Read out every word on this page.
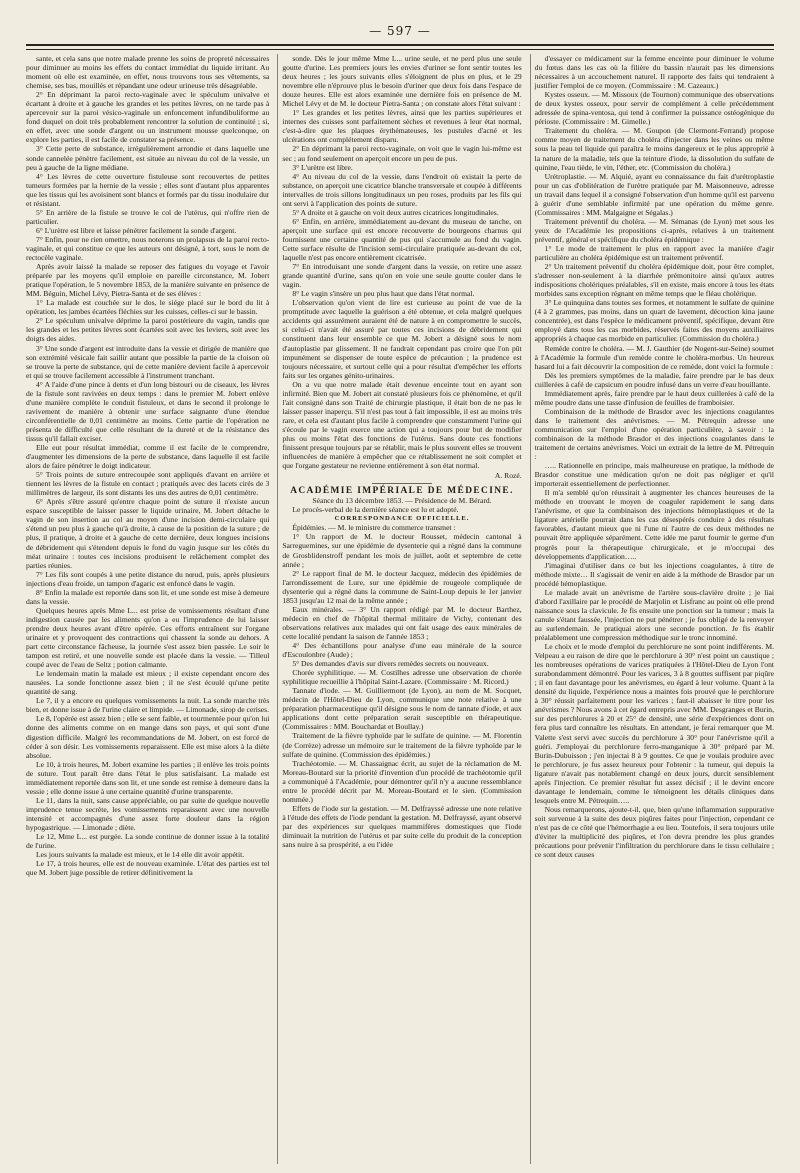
— 597 —

sante, et cela sans que notre malade prenne les soins de propreté nécessaires pour diminuer au moins les effets du contact immédiat du liquide irritant. Au moment où elle est examinée, en effet, nous trouvons tous ses vêtements, sa chemise, ses bas, mouillés et répandant une odeur urineuse très désagréable.

2° En déprimant la paroi recto-vaginale avec le spéculum univalve et écartant à droite et à gauche les grandes et les petites lèvres, on ne tarde pas à apercevoir sur la paroi vésico-vaginale un enfoncement infundibuliforme au fond duquel on doit très probablement rencontrer la solution de continuité ; si, en effet, avec une sonde d'argent ou un instrument mousse quelconque, on explore les parties, il est facile de constater sa présence.

3° Cette perte de substance, irrégulièrement arrondie et dans laquelle une sonde cannelée pénètre facilement, est située au niveau du col de la vessie, un peu à gauche de la ligne médiane.

4° Les lèvres de cette ouverture fistuleuse sont recouvertes de petites tumeurs formées par la hernie de la vessie ; elles sont d'autant plus apparentes que les tissus qui les avoisinent sont blancs et formés par du tissu inodulaire dur et résistant.

5° En arrière de la fistule se trouve le col de l'utérus, qui n'offre rien de particulier.

6° L'urètre est libre et laisse pénétrer facilement la sonde d'argent.

7° Enfin, pour ne rien omettre, nous noterons un prolapsus de la paroi recto-vaginale, et qui constitue ce que les auteurs ont désigné, à tort, sous le nom de rectocèle vaginale.

Après avoir laissé la malade se reposer des fatigues du voyage et l'avoir préparée par les moyens qu'il emploie en pareille circonstance, M. Jobert pratique l'opération, le 5 novembre 1853, de la manière suivante en présence de MM. Béguin, Michel Lévy, Pietra-Santa et de ses élèves :

1° La malade est couchée sur le dos, le siége placé sur le bord du lit à opération, les jambes écartées fléchies sur les cuisses, celles-ci sur le bassin.

2° Le spéculum univalve déprime la paroi postérieure du vagin, tandis que les grandes et les petites lèvres sont écartées soit avec les leviers, soit avec les doigts des aides.

3° Une sonde d'argent est introduite dans la vessie et dirigée de manière que son extrémité vésicale fait saillir autant que possible la partie de la cloison où se trouve la perte de substance, qui de cette manière devient facile à apercevoir et qui se trouve facilement accessible à l'instrument tranchant.

4° A l'aide d'une pince à dents et d'un long bistouri ou de ciseaux, les lèvres de la fistule sont ravivées en deux temps : dans le premier M. Jobert enlève d'une manière complète le conduit fistuleux, et dans le second il prolonge le ravivement de manière à obtenir une surface saignante d'une étendue circonférentielle de 0,01 centimètre au moins. Cette partie de l'opération ne présenta de difficulté que celle résultant de la dureté et de la résistance des tissus qu'il fallait exciser.

Elle eut pour résultat immédiat, comme il est facile de le comprendre, d'augmenter les dimensions de la perte de substance, dans laquelle il est facile alors de faire pénétrer le doigt indicateur.

5° Trois points de suture entrecoupée sont appliqués d'avant en arrière et tiennent les lèvres de la fistule en contact ; pratiqués avec des lacets cirés de 3 millimètres de largeur, ils sont distants les uns des autres de 0,01 centimètre.

6° Après s'être assuré qu'entre chaque point de suture il n'existe aucun espace susceptible de laisser passer le liquide urinaire, M. Jobert détache le vagin de son insertion au col au moyen d'une incision demi-circulaire qui s'étend un peu plus à gauche qu'à droite, à cause de la position de la suture ; de plus, il pratique, à droite et à gauche de cette dernière, deux longues incisions de débridement qui s'étendent depuis le fond du vagin jusque sur les côtés du méat urinaire : toutes ces incisions produisent le relâchement complet des parties réunies.

7° Les fils sont coupés à une petite distance du nœud, puis, après plusieurs injections d'eau froide, un tampon d'agaric est enfoncé dans le vagin.

8° Enfin la malade est reportée dans son lit, et une sonde est mise à demeure dans la vessie.

Quelques heures après Mme L... est prise de vomissements résultant d'une indigestion causée par les aliments qu'on a eu l'imprudence de lui laisser prendre deux heures avant d'être opérée. Ces efforts entraînent sur l'organe urinaire et y provoquent des contractions qui chassent la sonde au dehors. A part cette circonstance fâcheuse, la journée s'est assez bien passée. Le soir le tampon est retiré, et une nouvelle sonde est placée dans la vessie. — Tilleul coupé avec de l'eau de Seltz ; potion calmante.

Le lendemain matin la malade est mieux ; il existe cependant encore des nausées. La sonde fonctionne assez bien ; il ne s'est écoulé qu'une petite quantité de sang.

Le 7, il y a encore eu quelques vomissements la nuit. La sonde marche très bien, et donne issue à de l'urine claire et limpide. — Limonade, sirop de cerises.

Le 8, l'opérée est assez bien ; elle se sent faible, et tourmentée pour qu'on lui donne des aliments comme on en mange dans son pays, et qui sont d'une digestion difficile. Malgré les recommandations de M. Jobert, on est forcé de céder à son désir. Les vomissements reparaissent. Elle est mise alors à la diète absolue.

Le 10, à trois heures, M. Jobert examine les parties ; il enlève les trois points de suture. Tout paraît être dans l'état le plus satisfaisant. La malade est immédiatement reportée dans son lit, et une sonde est remise à demeure dans la vessie ; elle donne issue à une certaine quantité d'urine transparente.

Le 11, dans la nuit, sans cause appréciable, ou par suite de quelque nouvelle imprudence tenue secrète, les vomissements reparaissent avec une nouvelle intensité et accompagnés d'une assez forte douleur dans la région hypogastrique. — Limonade ; diète.

Le 12, Mme L... est purgée. La sonde continue de donner issue à la totalité de l'urine.

Les jours suivants la malade est mieux, et le 14 elle dit avoir appétit.

Le 17, à trois heures, elle est de nouveau examinée. L'état des parties est tel que M. Jobert juge possible de retirer définitivement la

sonde. Dès le jour même Mme L... urine seule, et ne perd plus une seule goutte d'urine. Les premiers jours les envies d'uriner se font sentir toutes les deux heures ; les jours suivants elles s'éloignent de plus en plus, et le 29 novembre elle n'éprouve plus le besoin d'uriner que deux fois dans l'espace de douze heures. Elle est alors examinée une dernière fois en présence de M. Michel Lévy et de M. le docteur Pietra-Santa ; on constate alors l'état suivant :

1° Les grandes et les petites lèvres, ainsi que les parties supérieures et internes des cuisses sont parfaitement sèches et revenues à leur état normal, c'est-à-dire que les plaques érythémateuses, les pustules d'acné et les ulcérations ont complétement disparu.

2° En déprimant la paroi recto-vaginale, on voit que le vagin lui-même est sec ; au fond seulement on aperçoit encore un peu de pus.

3° L'urètre est libre.

4° Au niveau du col de la vessie, dans l'endroit où existait la perte de substance, on aperçoit une cicatrice blanche transversale et coupée à différents intervalles de trois sillons longitudinaux un peu roses, produits par les fils qui ont servi à l'application des points de suture.

5° A droite et à gauche on voit deux autres cicatrices longitudinales.

6° Enfin, en arrière, immédiatement au-devant du museau de tanche, on aperçoit une surface qui est encore recouverte de bourgeons charnus qui fournissent une certaine quantité de pus qui s'accumule au fond du vagin. Cette surface résulte de l'incision semi-circulaire pratiquée au-devant du col, laquelle n'est pas encore entièrement cicatrisée.

7° En introduisant une sonde d'argent dans la vessie, on retire une assez grande quantité d'urine, sans qu'on en voie une seule goutte couler dans le vagin.

8° Le vagin s'insère un peu plus haut que dans l'état normal.

L'observation qu'on vient de lire est curieuse au point de vue de la promptitude avec laquelle la guérison a été obtenue, et cela malgré quelques accidents qui assurément auraient été de nature à en compromettre le succès, si celui-ci n'avait été assuré par toutes ces incisions de débridement qui constituent dans leur ensemble ce que M. Jobert a désigné sous le nom d'autoplastie par glissement. Il ne faudrait cependant pas croire que l'on pût impunément se dispenser de toute espèce de précaution ; la prudence est toujours nécessaire, et surtout celle qui a pour résultat d'empêcher les efforts faits sur les organes génito-urinaires.

On a vu que notre malade était devenue enceinte tout en ayant son infirmité. Bien que M. Jobert ait constaté plusieurs fois ce phénomène, et qu'il l'ait consigné dans son Traité de chirurgie plastique, il était bon de ne pas le laisser passer inaperçu. S'il n'est pas tout à fait impossible, il est au moins très rare, et cela est d'autant plus facile à comprendre que constamment l'urine qui s'écoule par le vagin exerce une action qui a toujours pour but de modifier plus ou moins l'état des fonctions de l'utérus. Sans doute ces fonctions finissent presque toujours par se rétablir, mais le plus souvent elles se trouvent influencées de manière à empêcher que ce rétablissement ne soit complet et que l'organe gestateur ne revienne entièrement à son état normal.

A. Rozé.

ACADÉMIE IMPÉRIALE DE MÉDECINE.

Séance du 13 décembre 1853. — Présidence de M. Bérard.

Le procès-verbal de la dernière séance est lu et adopté.

CORRESPONDANCE OFFICIELLE.

Épidémies. — M. le ministre du commerce transmet :

1° Un rapport de M. le docteur Rousset, médecin cantonal à Sarreguemines, sur une épidémie de dysenterie qui a régné dans la commune de Grosblidenstroff pendant les mois de juillet, août et septembre de cette année ;

2° Le rapport final de M. le docteur Jacquez, médecin des épidémies de l'arrondissement de Lure, sur une épidémie de rougeole compliquée de dysenterie qui a régné dans la commune de Saint-Loup depuis le 1er janvier 1853 jusqu'au 12 mai de la même année ;

Eaux minérales. — 3° Un rapport rédigé par M. le docteur Barthez, médecin en chef de l'hôpital thermal militaire de Vichy, contenant des observations relatives aux malades qui ont fait usage des eaux minérales de cette localité pendant la saison de l'année 1853 ;

4° Des échantillons pour analyse d'une eau minérale de la source d'Escoulonbre (Aude) ;

5° Des demandes d'avis sur divers remèdes secrets ou nouveaux.

Chorée syphilitique. — M. Costilhes adresse une observation de chorée syphilitique recueillie à l'hôpital Saint-Lazare. (Commissaire : M. Ricord.)

Tannate d'iode. — M. Guilliermont (de Lyon), au nom de M. Socquet, médecin de l'Hôtel-Dieu de Lyon, communique une note relative à une préparation pharmaceutique qu'il désigne sous le nom de tannate d'iode, et aux applications dont cette préparation serait susceptible en thérapeutique. (Commissaires : MM. Bouchardat et Boullay.)

Traitement de la fièvre typhoïde par le sulfate de quinine. — M. Florentin (de Corrèze) adresse un mémoire sur le traitement de la fièvre typhoïde par le sulfate de quinine. (Commission des épidémies.)

Trachéotomie. — M. Chassaignac écrit, au sujet de la réclamation de M. Moreau-Boutard sur la priorité d'invention d'un procédé de trachéotomie qu'il a communiqué à l'Académie, pour démontrer qu'il n'y a aucune ressemblance entre le procédé décrit par M. Moreau-Boutard et le sien. (Commission nommée.)

Effets de l'iode sur la gestation. — M. Delfrayssé adresse une note relative à l'étude des effets de l'iode pendant la gestation. M. Delfrayssé, ayant observé par des expériences sur quelques mammifères domestiques que l'iode diminuait la nutrition de l'utérus et par suite celle du produit de la conception sans nuire à sa prospérité, a eu l'idée

d'essayer ce médicament sur la femme enceinte pour diminuer le volume du fœtus dans les cas où la filière du bassin n'aurait pas les dimensions nécessaires à un accouchement naturel. Il rapporte des faits qui tendraient à justifier l'emploi de ce moyen. (Commissaire : M. Cazeaux.)

Kystes osseux. — M. Missoux (de Tournon) communique des observations de deux kystes osseux, pour servir de complément à celle précédemment adressée de spina-ventosa, qui tend à confirmer la puissance ostéogénique du périoste. (Commissaire : M. Gimelle.)

Traitement du choléra. — M. Goupon (de Clermont-Ferrand) propose comme moyen de traitement du choléra d'injecter dans les veines ou même sous la peau tel liquide qui paraîtra le moins dangereux et le plus approprié à la nature de la maladie, tels que la teinture d'iode, la dissolution du sulfate de quinine, l'eau tiède, le vin, l'éther, etc. (Commission du choléra.)

Urétroplastie. — M. Alquié, ayant eu connaissance du fait d'urétroplastie pour un cas d'oblitération de l'urètre pratiquée par M. Maisonneuve, adresse un travail dans lequel il a consigné l'observation d'un homme qu'il est parvenu à guérir d'une semblable infirmité par une opération du même genre. (Commissaires : MM. Malgaigne et Ségalas.)

Traitement préventif du choléra. — M. Sémanas (de Lyon) met sous les yeux de l'Académie les propositions ci-après, relatives à un traitement préventif, général et spécifique du choléra épidémique :

1° Le mode de traitement le plus en rapport avec la manière d'agir particulière au choléra épidémique est un traitement préventif.

2° Un traitement préventif du choléra épidémique doit, pour être complet, s'adresser non-seulement à la diarrhée prémonitoire ainsi qu'aux autres indispositions cholériques préalables, s'il en existe, mais encore à tous les états morbides sans exception régnant en même temps que le fléau cholérique.

3° Le quinquina dans toutes ses formes, et notamment le sulfate de quinine (4 à 2 grammes, pas moins, dans un quart de lavement, décoction kina jaune concentrée), est dans l'espèce le médicament préventif, spécifique, devant être employé dans tous les cas morbides, réservés faites des moyens auxiliaires appropriés à chaque cas morbide en particulier. (Commission du choléra.)

Remède contre le choléra. — M. J. Gauthier (de Nogent-sur-Seine) soumet à l'Académie la formule d'un remède contre le choléra-morbus. Un heureux hasard lui a fait découvrir la composition de ce remède, dont voici la formule :

Dès les premiers symptômes de la maladie, faire prendre par le bas deux cuillerées à café de capsicum en poudre infusé dans un verre d'eau bouillante.

Immédiatement après, faire prendre par le haut deux cuillerées à café de la même poudre dans une tasse d'infusion de feuilles de framboisier.

Combinaison de la méthode de Brasdor avec les injections coagulantes dans le traitement des anévrismes. — M. Pétrequin adresse une communication sur l'emploi d'une opération particulière, à savoir : la combinaison de la méthode Brasdor et des injections coagulantes dans le traitement de certains anévrismes. Voici un extrait de la lettre de M. Pétrequin :

….. Rationnelle en principe, mais malheureuse en pratique, la méthode de Brasdor constitue une médication qu'on ne doit pas négliger et qu'il importerait essentiellement de perfectionner.

Il m'a semblé qu'on réussirait à augmenter les chances heureuses de la méthode en trouvant le moyen de coaguler rapidement le sang dans l'anévrisme, et que la combinaison des injections hémoplastiques et de la ligature artérielle pourrait dans les cas désespérés conduire à des résultats favorables, d'autant mieux que ni l'une ni l'autre de ces deux méthodes ne pouvait être appliquée séparément. Cette idée me parut fournir le germe d'un progrès pour la thérapeutique chirurgicale, et je m'occupai des développements d'application…..

J'imaginai d'utiliser dans ce but les injections coagulantes, à titre de méthode mixte… Il s'agissait de venir en aide à la méthode de Brasdor par un procédé hémoplastique.

Le malade avait un anévrisme de l'artère sous-clavière droite ; je liai d'abord l'axillaire par le procédé de Marjolin et Lisfranc au point où elle prend naissance sous la clavicule. Je fis ensuite une ponction sur la tumeur ; mais la canule s'étant faussée, l'injection ne put pénétrer ; je fus obligé de la renvoyer au surlendemain. Je pratiquai alors une seconde ponction. Je fis établir préalablement une compression méthodique sur le tronc innominé.

Le choix et le mode d'emploi du perchlorure ne sont point indifférents. M. Velpeau a eu raison de dire que le perchlorure à 30° n'est point un caustique ; les nombreuses opérations de varices pratiquées à l'Hôtel-Dieu de Lyon l'ont surabondamment démontré. Pour les varices, 3 à 8 gouttes suffisent par piqûre ; il en faut davantage pour les anévrismes, eu égard à leur volume. Quant à la densité du liquide, l'expérience nous a maintes fois prouvé que le perchlorure à 30° réussit parfaitement pour les varices ; faut-il abaisser le titre pour les anévrismes ? Nous avons à cet égard entrepris avec MM. Desgranges et Burin, sur des perchlorures à 20 et 25° de densité, une série d'expériences dont on fera plus tard connaître les résultats. En attendant, je ferai remarquer que M. Valette s'est servi avec succès du perchlorure à 30° pour l'anévrisme qu'il a guéri. J'employai du perchlorure ferro-manganique à 30° préparé par M. Burin-Dubuisson ; j'en injectai 8 à 9 gouttes. Ce que je voulais produire avec le perchlorure, je fus assez heureux pour l'obtenir : la tumeur, qui depuis la ligature n'avait pas notablement changé en deux jours, durcit sensiblement après l'injection. Ce premier résultat fut assez décisif ; il le devint encore davantage le lendemain, comme le témoignent les détails cliniques dans lesquels entre M. Pétrequin…..

Nous remarquerons, ajoute-t-il, que, bien qu'une inflammation suppurative soit survenue à la suite des deux piqûres faites pour l'injection, cependant ce n'est pas de ce côté que l'hémorrhagie a eu lieu. Toutefois, il sera toujours utile d'éviter la multiplicité des piqûres, et l'on devra prendre les plus grandes précautions pour prévenir l'infiltration du perchlorure dans le tissu cellulaire ; ce sont deux causes
